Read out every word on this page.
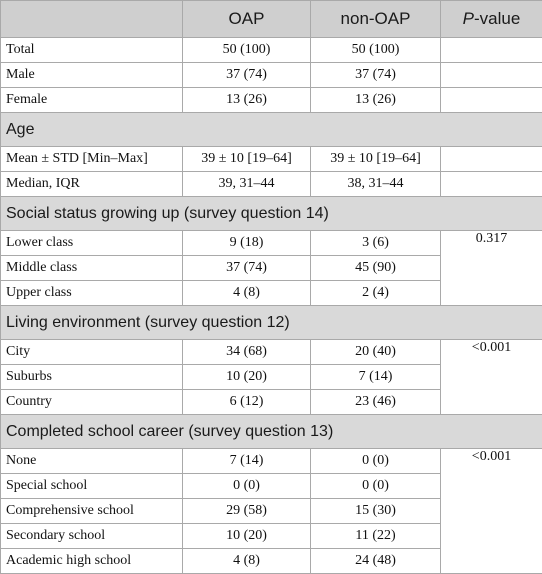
	OAP	non-OAP	P-value
Total	50 (100)	50 (100)	
Male	37 (74)	37 (74)	
Female	13 (26)	13 (26)	
Age			
Mean ± STD [Min–Max]	39 ± 10 [19–64]	39 ± 10 [19–64]	
Median, IQR	39, 31–44	38, 31–44	
Social status growing up (survey question 14)			
Lower class	9 (18)	3 (6)	0.317
Middle class	37 (74)	45 (90)	
Upper class	4 (8)	2 (4)	
Living environment (survey question 12)			
City	34 (68)	20 (40)	<0.001
Suburbs	10 (20)	7 (14)	
Country	6 (12)	23 (46)	
Completed school career (survey question 13)			
None	7 (14)	0 (0)	<0.001
Special school	0 (0)	0 (0)	
Comprehensive school	29 (58)	15 (30)	
Secondary school	10 (20)	11 (22)	
Academic high school	4 (8)	24 (48)	
